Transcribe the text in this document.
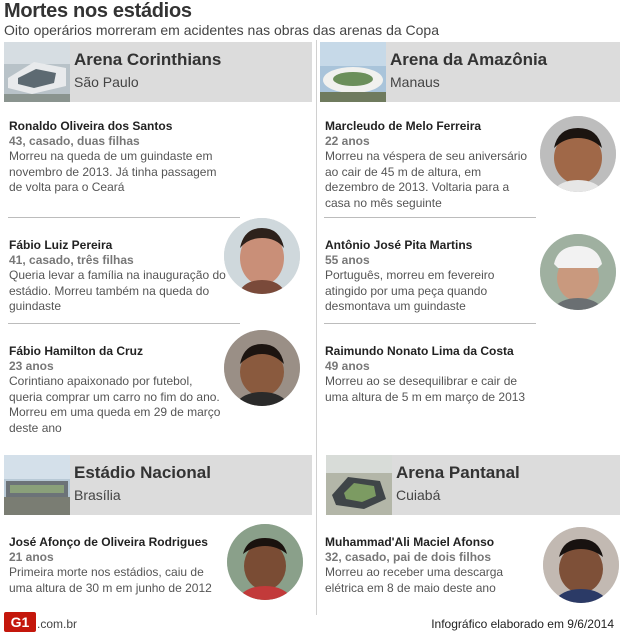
Mortes nos estádios
Oito operários morreram em acidentes nas obras das arenas da Copa
Arena Corinthians
São Paulo
Ronaldo Oliveira dos Santos
43, casado, duas filhas
Morreu na queda de um guindaste em novembro de 2013. Já tinha passagem de volta para o Ceará
Fábio Luiz Pereira
41, casado, três filhas
Queria levar a família na inauguração do estádio. Morreu também na queda do guindaste
Fábio Hamilton da Cruz
23 anos
Corintiano apaixonado por futebol, queria comprar um carro no fim do ano. Morreu em uma queda em 29 de março deste ano
Arena da Amazônia
Manaus
Marcleudo de Melo Ferreira
22 anos
Morreu na véspera de seu aniversário ao cair de 45 m de altura, em dezembro de 2013. Voltaria para a casa no mês seguinte
Antônio José Pita Martins
55 anos
Português, morreu em fevereiro atingido por uma peça quando desmontava um guindaste
Raimundo Nonato Lima da Costa
49 anos
Morreu ao se desequilibrar e cair de uma altura de 5 m em março de 2013
Estádio Nacional
Brasília
José Afonço de Oliveira Rodrigues
21 anos
Primeira morte nos estádios, caiu de uma altura de 30 m em junho de 2012
Arena Pantanal
Cuiabá
Muhammad'Ali Maciel Afonso
32, casado, pai de dois filhos
Morreu ao receber uma descarga elétrica em 8 de maio deste ano
G1 .com.br	Infográfico elaborado em 9/6/2014
